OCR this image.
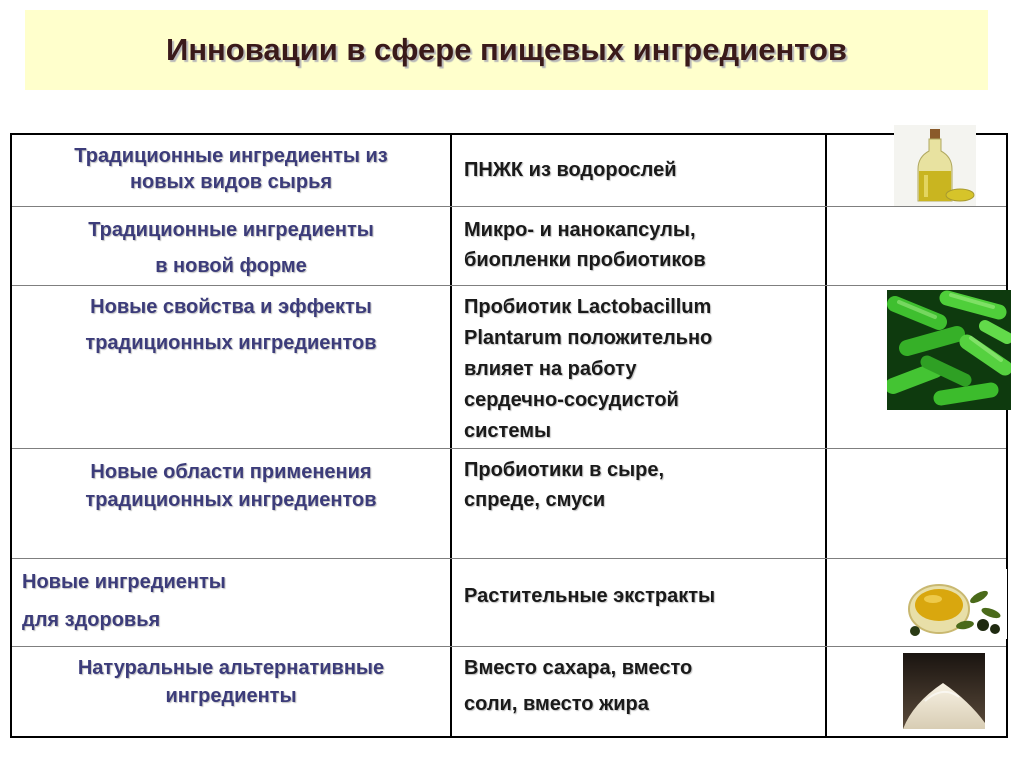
Инновации в сфере пищевых ингредиентов
Традиционные ингредиенты из
новых видов сырья
ПНЖК из водорослей
Традиционные ингредиенты
в новой форме
Микро- и нанокапсулы,
биопленки пробиотиков
Новые свойства и эффекты
традиционных ингредиентов
Пробиотик Lactobacillum
Plantarum положительно
влияет на работу
сердечно-сосудистой
системы
Новые области применения
традиционных ингредиентов
Пробиотики в сыре,
спреде, смуси
Новые ингредиенты
для здоровья
Растительные экстракты
Натуральные альтернативные
ингредиенты
Вместо сахара, вместо
соли, вместо жира
